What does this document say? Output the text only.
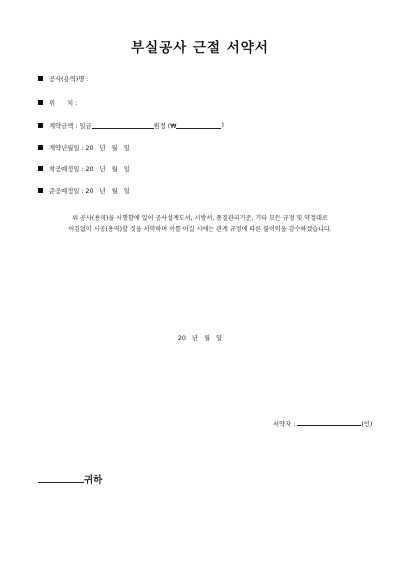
부실공사 근절 서약서
공사(용역)명 :
위      치 :
계약금액 : 일금	원정 (₩	)
계약년월일 : 20   년   월   일
착공예정일 : 20   년   월   일
준공예정일 : 20   년   월   일
위 공사(용역)을 시행함에 있어 공사설계도서, 시방서, 품질관리기준, 기타 모든 규정 및 약정대로
어김없이 시공(용역)할 것을 서약하며 이를 어길 시에는 관계 규정에 따른 불이익을 감수하겠습니다.
20   년   월   일
서약자 :	(인)
귀하
